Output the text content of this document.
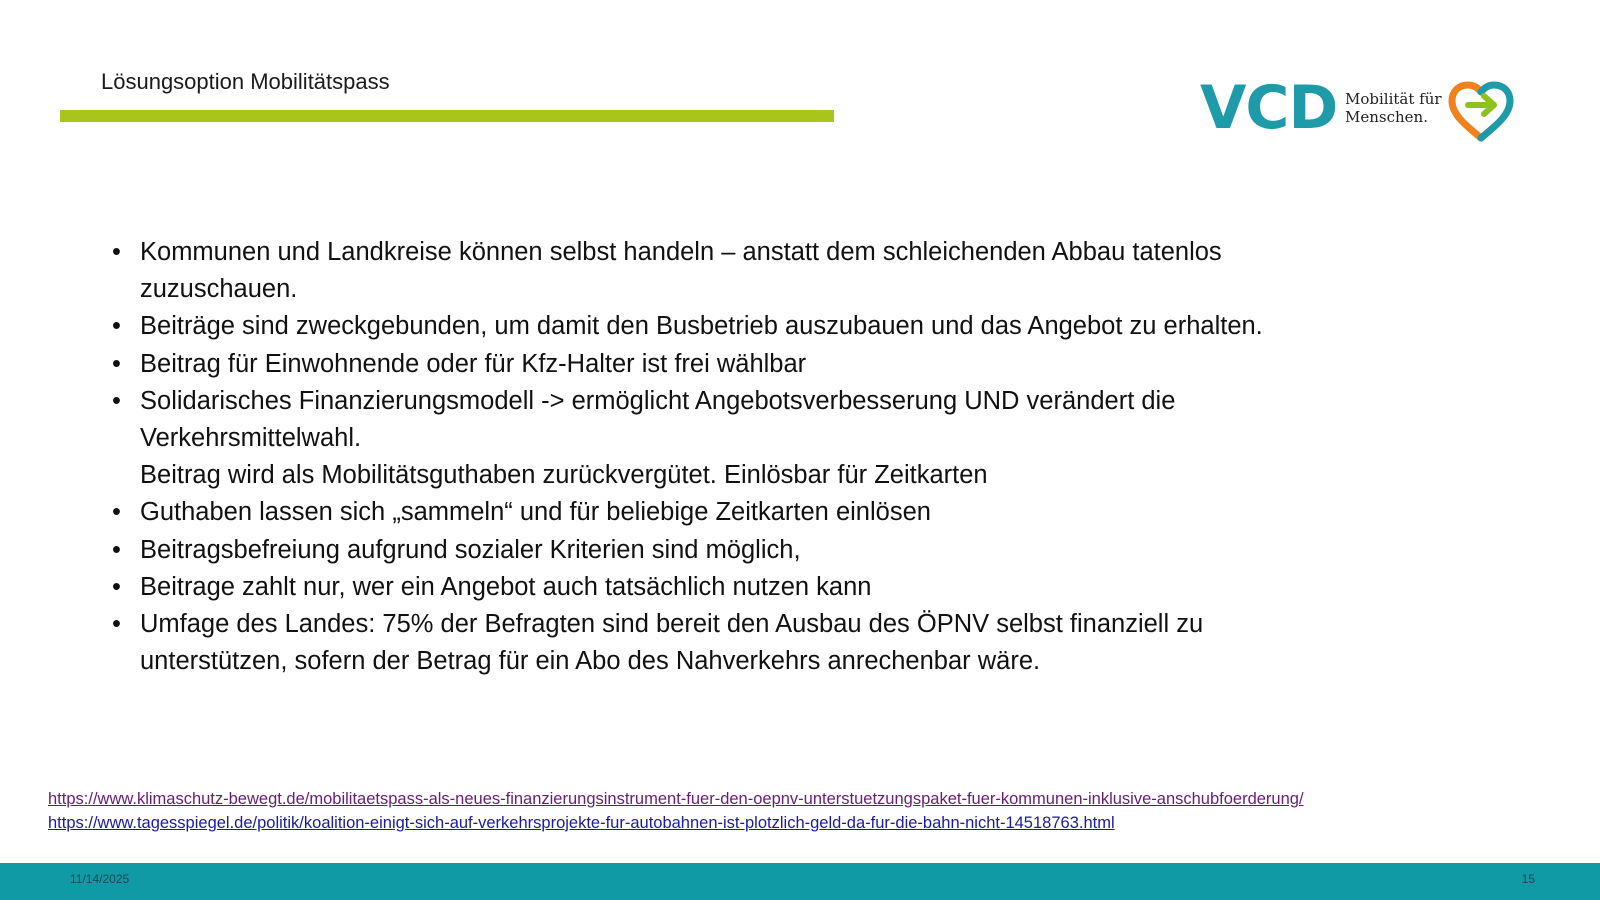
Lösungsoption Mobilitätspass	VCD Mobilität für
Menschen.
• Kommunen und Landkreise können selbst handeln – anstatt dem schleichenden Abbau tatenlos
zuzuschauen.
• Beiträge sind zweckgebunden, um damit den Busbetrieb auszubauen und das Angebot zu erhalten.
• Beitrag für Einwohnende oder für Kfz-Halter ist frei wählbar
• Solidarisches Finanzierungsmodell -> ermöglicht Angebotsverbesserung UND verändert die
Verkehrsmittelwahl.
Beitrag wird als Mobilitätsguthaben zurückvergütet. Einlösbar für Zeitkarten
• Guthaben lassen sich „sammeln“ und für beliebige Zeitkarten einlösen
• Beitragsbefreiung aufgrund sozialer Kriterien sind möglich,
• Beitrage zahlt nur, wer ein Angebot auch tatsächlich nutzen kann
• Umfage des Landes: 75% der Befragten sind bereit den Ausbau des ÖPNV selbst finanziell zu
unterstützen, sofern der Betrag für ein Abo des Nahverkehrs anrechenbar wäre.
https://www.klimaschutz-bewegt.de/mobilitaetspass-als-neues-finanzierungsinstrument-fuer-den-oepnv-unterstuetzungspaket-fuer-kommunen-inklusive-anschubfoerderung/
https://www.tagesspiegel.de/politik/koalition-einigt-sich-auf-verkehrsprojekte-fur-autobahnen-ist-plotzlich-geld-da-fur-die-bahn-nicht-14518763.html
11/14/2025	15
